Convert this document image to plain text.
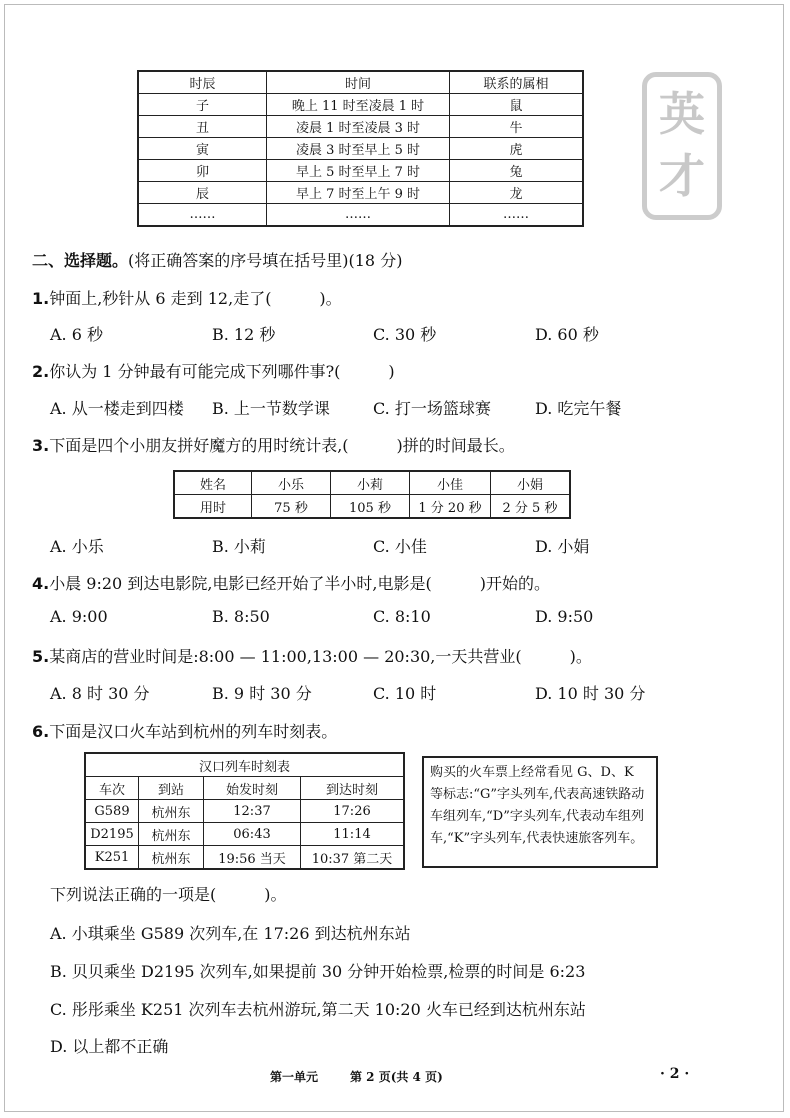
英才
时辰	时间	联系的属相
子	晚上 11 时至凌晨 1 时	鼠
丑	凌晨 1 时至凌晨 3 时	牛
寅	凌晨 3 时至早上 5 时	虎
卯	早上 5 时至早上 7 时	兔
辰	早上 7 时至上午 9 时	龙
……	……	……
二、选择题。(将正确答案的序号填在括号里)(18 分)
1.钟面上,秒针从 6 走到 12,走了(　　　)。
A. 6 秒	B. 12 秒	C. 30 秒	D. 60 秒
2.你认为 1 分钟最有可能完成下列哪件事?(　　　)
A. 从一楼走到四楼 B. 上一节数学课	C. 打一场篮球赛	D. 吃完午餐
3.下面是四个小朋友拼好魔方的用时统计表,(　　　)拼的时间最长。
姓名	小乐	小莉	小佳	小娟
用时	75 秒	105 秒	1 分 20 秒	2 分 5 秒
A. 小乐	B. 小莉	C. 小佳	D. 小娟
4.小晨 9:20 到达电影院,电影已经开始了半小时,电影是(　　　)开始的。
A. 9:00	B. 8:50	C. 8:10	D. 9:50
5.某商店的营业时间是:8:00 — 11:00,13:00 — 20:30,一天共营业(　　　)。
A. 8 时 30 分	B. 9 时 30 分	C. 10 时	D. 10 时 30 分
6.下面是汉口火车站到杭州的列车时刻表。
汉口列车时刻表			
车次	到站	始发时刻	到达时刻
G589	杭州东	12:37	17:26
D2195	杭州东	06:43	11:14
K251	杭州东	19:56 当天	10:37 第二天
购买的火车票上经常看见 G、D、K 等标志:“G”字头列车,代表高速铁路动车组列车,“D”字头列车,代表动车组列车,“K”字头列车,代表快速旅客列车。
下列说法正确的一项是(　　　)。
A. 小琪乘坐 G589 次列车,在 17:26 到达杭州东站
B. 贝贝乘坐 D2195 次列车,如果提前 30 分钟开始检票,检票的时间是 6:23
C. 彤彤乘坐 K251 次列车去杭州游玩,第二天 10:20 火车已经到达杭州东站
D. 以上都不正确
第一单元	第 2 页(共 4 页)	· 2 ·
